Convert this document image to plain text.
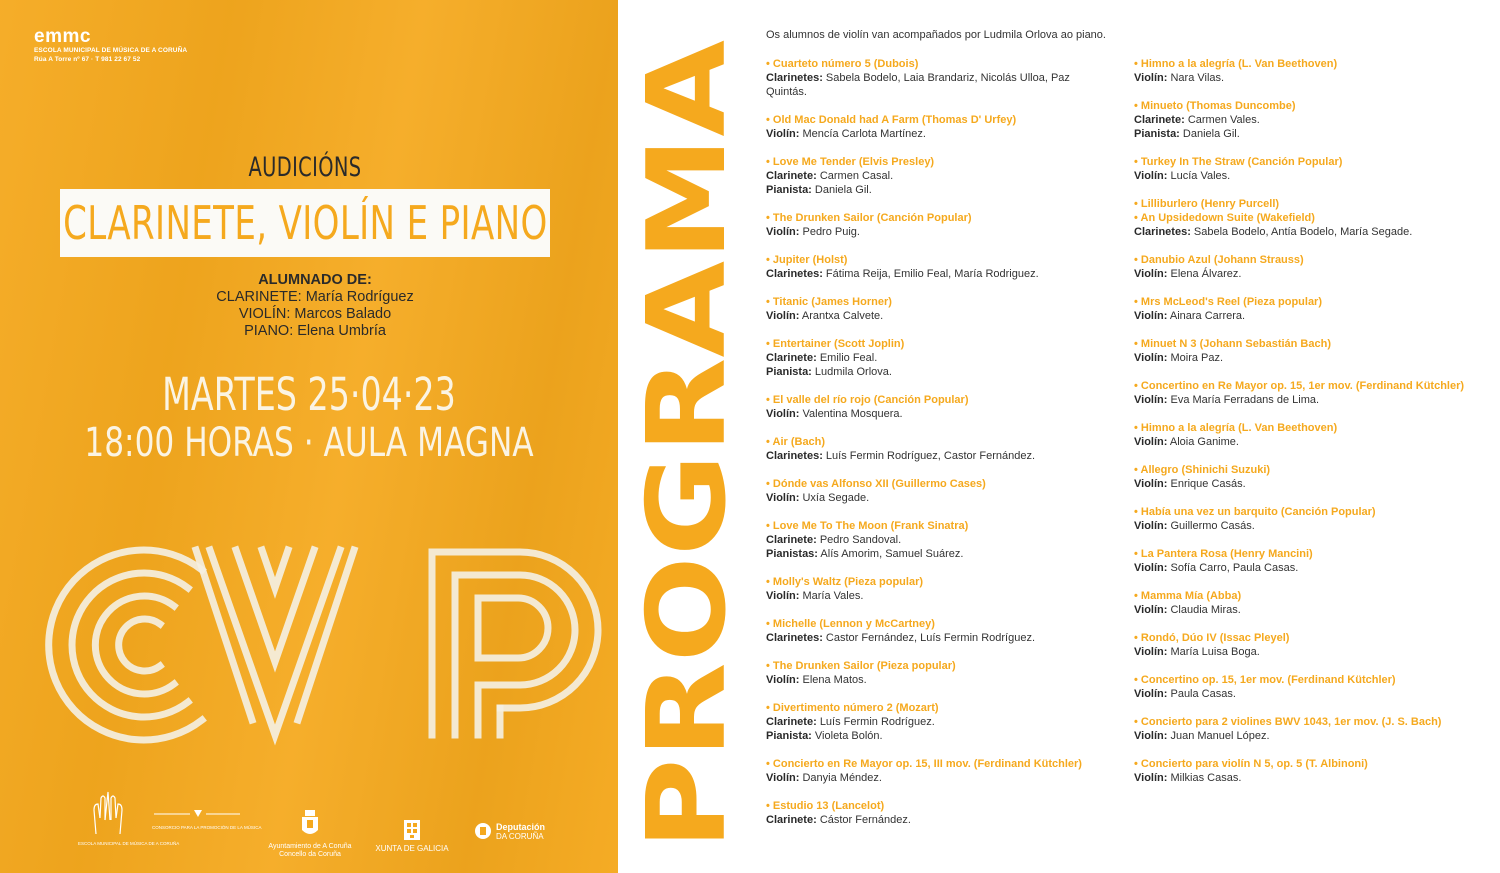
emmc
ESCOLA MUNICIPAL DE MÚSICA DE A CORUÑA
Rúa A Torre nº 67 · T 981 22 67 52
AUDICIÓNS
CLARINETE, VIOLÍN E PIANO
ALUMNADO DE:
CLARINETE: María Rodríguez
VIOLÍN: Marcos Balado
PIANO: Elena Umbría
MARTES 25·04·23
18:00 HORAS · AULA MAGNA
ESCOLA MUNICIPAL DE MÚSICA DE A CORUÑA
CONSORCIO PARA LA PROMOCIÓN DE LA MÚSICA
Ayuntamiento de A Coruña
Concello da Coruña
XUNTA DE GALICIA
Deputación
DA CORUÑA PROGRAMA
Os alumnos de violín van acompañados por Ludmila Orlova ao piano.
• Cuarteto número 5 (Dubois)
Clarinetes: Sabela Bodelo, Laia Brandariz, Nicolás Ulloa, Paz Quintás.
• Old Mac Donald had A Farm (Thomas D' Urfey)
Violín: Mencía Carlota Martínez.
• Love Me Tender (Elvis Presley)
Clarinete: Carmen Casal.
Pianista: Daniela Gil.
• The Drunken Sailor (Canción Popular)
Violín: Pedro Puig.
• Jupiter (Holst)
Clarinetes: Fátima Reija, Emilio Feal, María Rodriguez.
• Titanic (James Horner)
Violín: Arantxa Calvete.
• Entertainer (Scott Joplin)
Clarinete: Emilio Feal.
Pianista: Ludmila Orlova.
• El valle del río rojo (Canción Popular)
Violín: Valentina Mosquera.
• Air (Bach)
Clarinetes: Luís Fermin Rodríguez, Castor Fernández.
• Dónde vas Alfonso XII (Guillermo Cases)
Violín: Uxía Segade.
• Love Me To The Moon (Frank Sinatra)
Clarinete: Pedro Sandoval.
Pianistas: Alís Amorim, Samuel Suárez.
• Molly's Waltz (Pieza popular)
Violín: María Vales.
• Michelle (Lennon y McCartney)
Clarinetes: Castor Fernández, Luís Fermin Rodríguez.
• The Drunken Sailor (Pieza popular)
Violín: Elena Matos.
• Divertimento número 2 (Mozart)
Clarinete: Luís Fermin Rodríguez.
Pianista: Violeta Bolón.
• Concierto en Re Mayor op. 15, III mov. (Ferdinand Kütchler)
Violín: Danyia Méndez.
• Estudio 13 (Lancelot)
Clarinete: Cástor Fernández.
• Himno a la alegría (L. Van Beethoven)
Violín: Nara Vilas.
• Minueto (Thomas Duncombe)
Clarinete: Carmen Vales.
Pianista: Daniela Gil.
• Turkey In The Straw (Canción Popular)
Violín: Lucía Vales.
• Lilliburlero (Henry Purcell)
• An Upsidedown Suite (Wakefield)
Clarinetes: Sabela Bodelo, Antía Bodelo, María Segade.
• Danubio Azul (Johann Strauss)
Violín: Elena Álvarez.
• Mrs McLeod's Reel (Pieza popular)
Violín: Ainara Carrera.
• Minuet N 3 (Johann Sebastián Bach)
Violín: Moira Paz.
• Concertino en Re Mayor op. 15, 1er mov. (Ferdinand Kütchler)
Violín: Eva María Ferradans de Lima.
• Himno a la alegría (L. Van Beethoven)
Violín: Aloia Ganime.
• Allegro (Shinichi Suzuki)
Violín: Enrique Casás.
• Había una vez un barquito (Canción Popular)
Violín: Guillermo Casás.
• La Pantera Rosa (Henry Mancini)
Violín: Sofía Carro, Paula Casas.
• Mamma Mía (Abba)
Violín: Claudia Miras.
• Rondó, Dúo IV (Issac Pleyel)
Violín: María Luisa Boga.
• Concertino op. 15, 1er mov. (Ferdinand Kütchler)
Violín: Paula Casas.
• Concierto para 2 violines BWV 1043, 1er mov. (J. S. Bach)
Violín: Juan Manuel López.
• Concierto para violín N 5, op. 5 (T. Albinoni)
Violín: Milkias Casas.
